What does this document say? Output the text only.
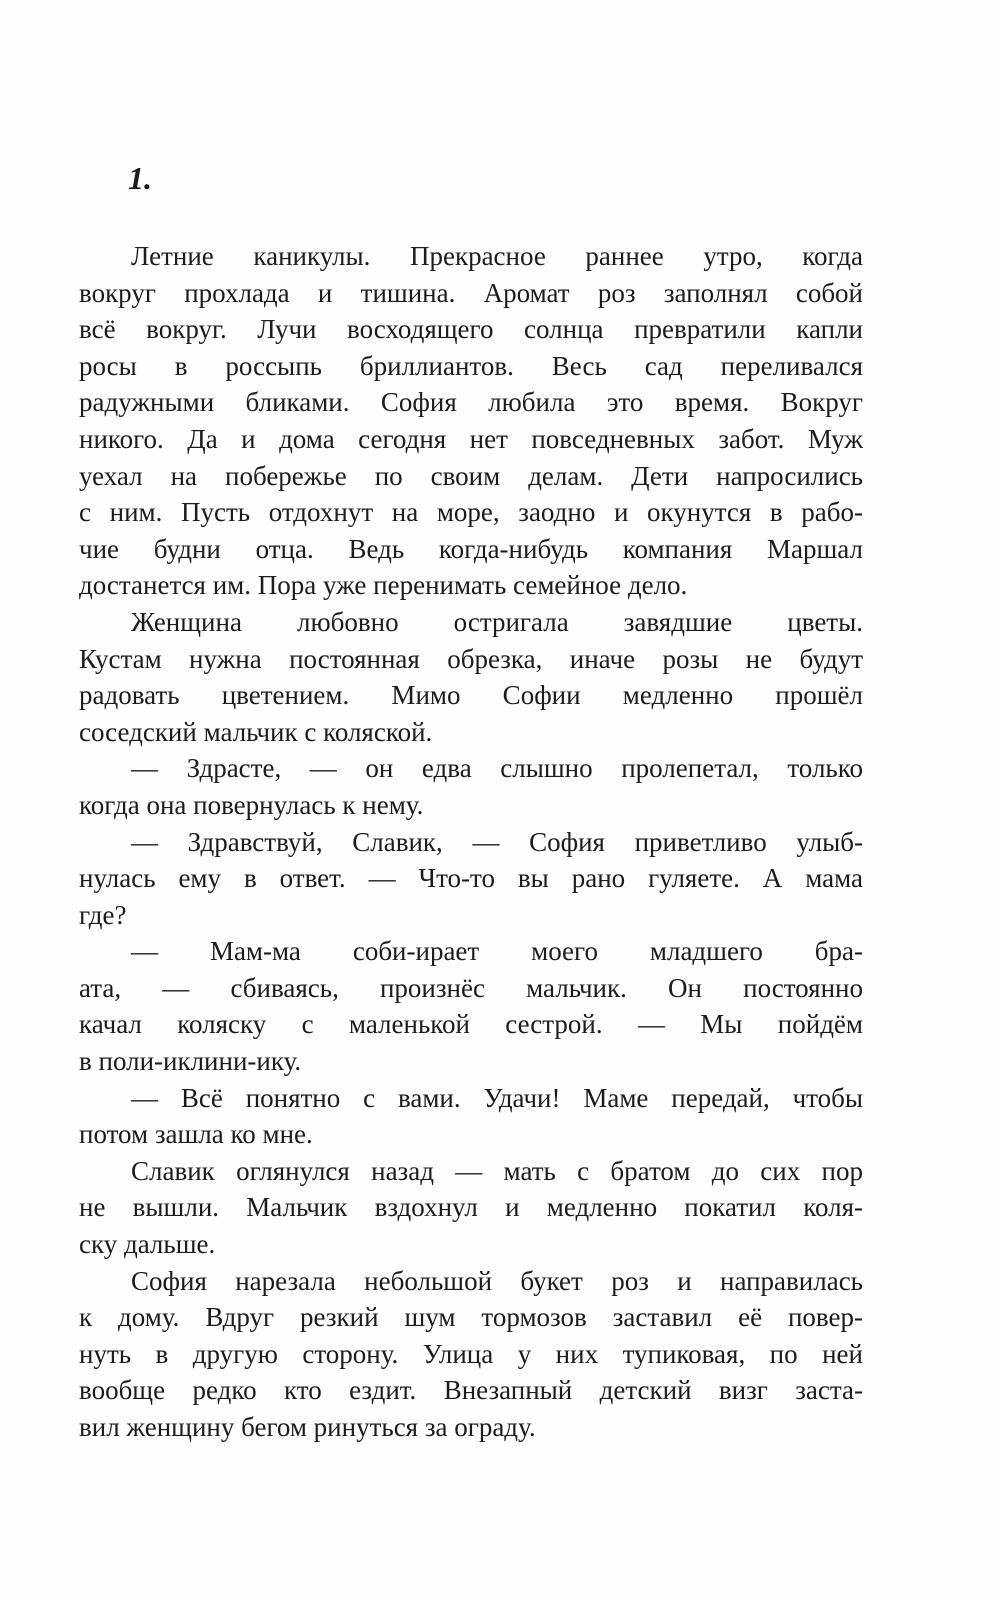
1.
Летние каникулы. Прекрасное раннее утро, когда
вокруг прохлада и тишина. Аромат роз заполнял собой
всё вокруг. Лучи восходящего солнца превратили капли
росы в россыпь бриллиантов. Весь сад переливался
радужными бликами. София любила это время. Вокруг
никого. Да и дома сегодня нет повседневных забот. Муж
уехал на побережье по своим делам. Дети напросились
с ним. Пусть отдохнут на море, заодно и окунутся в рабо-
чие будни отца. Ведь когда-нибудь компания Маршал
достанется им. Пора уже перенимать семейное дело.
Женщина любовно остригала завядшие цветы.
Кустам нужна постоянная обрезка, иначе розы не будут
радовать цветением. Мимо Софии медленно прошёл
соседский мальчик с коляской.
— Здрасте, — он едва слышно пролепетал, только
когда она повернулась к нему.
— Здравствуй, Славик, — София приветливо улыб-
нулась ему в ответ. — Что-то вы рано гуляете. А мама
где?
— Мам-ма соби-ирает моего младшего бра-
ата, — сбиваясь, произнёс мальчик. Он постоянно
качал коляску с маленькой сестрой. — Мы пойдём
в поли-иклини-ику.
— Всё понятно с вами. Удачи! Маме передай, чтобы
потом зашла ко мне.
Славик оглянулся назад — мать с братом до сих пор
не вышли. Мальчик вздохнул и медленно покатил коля-
ску дальше.
София нарезала небольшой букет роз и направилась
к дому. Вдруг резкий шум тормозов заставил её повер-
нуть в другую сторону. Улица у них тупиковая, по ней
вообще редко кто ездит. Внезапный детский визг заста-
вил женщину бегом ринуться за ограду.
